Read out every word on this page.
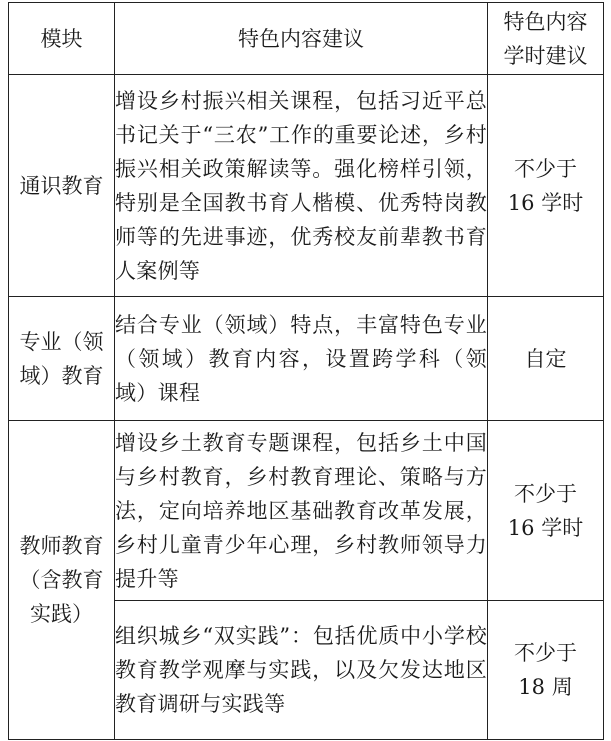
模块	特色内容建议	特色内容
学时建议

通识教育	增设乡村振兴相关课程，包括习近平总书记关于“三农”工作的重要论述，乡村振兴相关政策解读等。强化榜样引领，特别是全国教书育人楷模、优秀特岗教师等的先进事迹，优秀校友前辈教书育人案例等	不少于
16 学时

专业（领
域）教育	结合专业（领域）特点，丰富特色专业（领域）教育内容，设置跨学科（领域）课程	自定

教师教育
（含教育
实践）	增设乡土教育专题课程，包括乡土中国与乡村教育，乡村教育理论、策略与方法，定向培养地区基础教育改革发展，乡村儿童青少年心理，乡村教师领导力提升等	不少于
16 学时

	组织城乡“双实践”：包括优质中小学校教育教学观摩与实践，以及欠发达地区教育调研与实践等	不少于
18 周
